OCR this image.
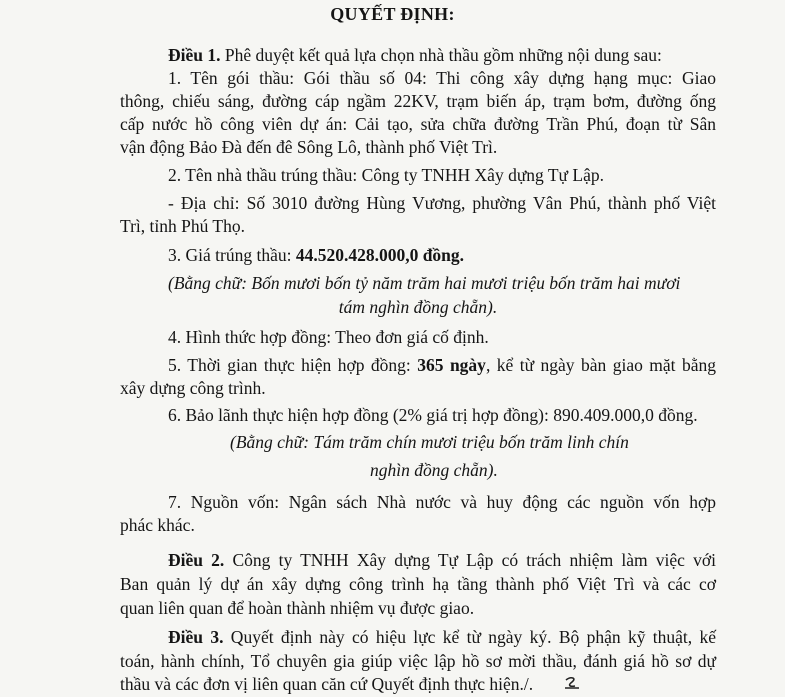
QUYẾT ĐỊNH:
Điều 1. Phê duyệt kết quả lựa chọn nhà thầu gồm những nội dung sau:
1. Tên gói thầu: Gói thầu số 04: Thi công xây dựng hạng mục: Giao
thông, chiếu sáng, đường cáp ngầm 22KV, trạm biến áp, trạm bơm, đường ống
cấp nước hồ công viên dự án: Cải tạo, sửa chữa đường Trần Phú, đoạn từ Sân
vận động Bảo Đà đến đê Sông Lô, thành phố Việt Trì.
2. Tên nhà thầu trúng thầu: Công ty TNHH Xây dựng Tự Lập.
- Địa chỉ: Số 3010 đường Hùng Vương, phường Vân Phú, thành phố Việt
Trì, tỉnh Phú Thọ.
3. Giá trúng thầu: 44.520.428.000,0 đồng.
(Bằng chữ: Bốn mươi bốn tỷ năm trăm hai mươi triệu bốn trăm hai mươi
tám nghìn đồng chẵn).
4. Hình thức hợp đồng: Theo đơn giá cố định.
5. Thời gian thực hiện hợp đồng: 365 ngày, kể từ ngày bàn giao mặt bằng
xây dựng công trình.
6. Bảo lãnh thực hiện hợp đồng (2% giá trị hợp đồng): 890.409.000,0 đồng.
(Bằng chữ: Tám trăm chín mươi triệu bốn trăm linh chín
nghìn đồng chẵn).
7. Nguồn vốn: Ngân sách Nhà nước và huy động các nguồn vốn hợp
phác khác.
Điều 2. Công ty TNHH Xây dựng Tự Lập có trách nhiệm làm việc với
Ban quản lý dự án xây dựng công trình hạ tầng thành phố Việt Trì và các cơ
quan liên quan để hoàn thành nhiệm vụ được giao.
Điều 3. Quyết định này có hiệu lực kể từ ngày ký. Bộ phận kỹ thuật, kế
toán, hành chính, Tổ chuyên gia giúp việc lập hồ sơ mời thầu, đánh giá hồ sơ dự
thầu và các đơn vị liên quan căn cứ Quyết định thực hiện./.
